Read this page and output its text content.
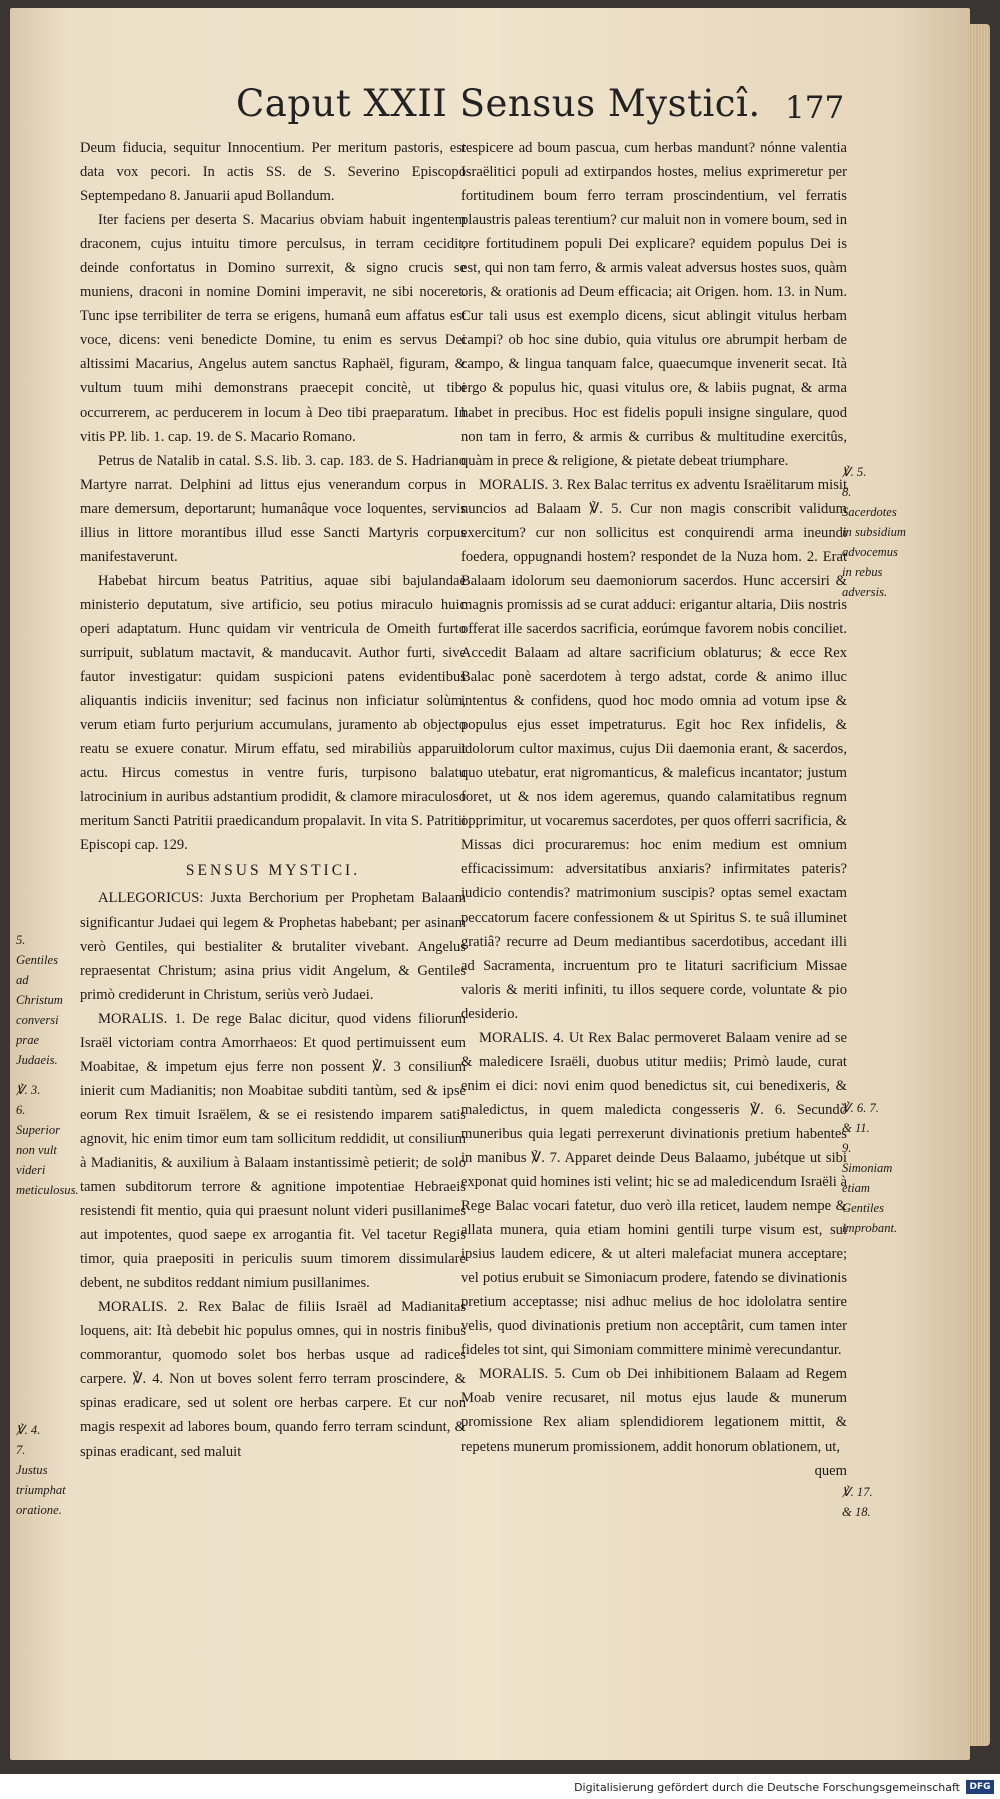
Caput XXII Sensus Mysticî. 177

Deum fiducia, sequitur Innocentium. Per meritum pastoris, est data vox pecori. In actis SS. de S. Severino Episcopo Septempedano 8. Januarii apud Bollandum.

Iter faciens per deserta S. Macarius obviam habuit ingentem draconem, cujus intuitu timore perculsus, in terram cecidit, deinde confortatus in Domino surrexit, & signo crucis se muniens, draconi in nomine Domini imperavit, ne sibi noceret. Tunc ipse terribiliter de terra se erigens, humanâ eum affatus est voce, dicens: veni benedicte Domine, tu enim es servus Dei altissimi Macarius, Angelus autem sanctus Raphaël, figuram, & vultum tuum mihi demonstrans praecepit concitè, ut tibi occurrerem, ac perducerem in locum à Deo tibi praeparatum. In vitis PP. lib. 1. cap. 19. de S. Macario Romano.

Petrus de Natalib in catal. S.S. lib. 3. cap. 183. de S. Hadriano Martyre narrat. Delphini ad littus ejus venerandum corpus in mare demersum, deportarunt; humanâque voce loquentes, servis illius in littore morantibus illud esse Sancti Martyris corpus manifestaverunt.

Habebat hircum beatus Patritius, aquae sibi bajulandae ministerio deputatum, sive artificio, seu potius miraculo huic operi adaptatum. Hunc quidam vir ventricula de Omeith furto surripuit, sublatum mactavit, & manducavit. Author furti, sive fautor investigatur: quidam suspicioni patens evidentibus aliquantis indiciis invenitur; sed facinus non inficiatur solùm, verum etiam furto perjurium accumulans, juramento ab objecto reatu se exuere conatur. Mirum effatu, sed mirabiliùs apparuit actu. Hircus comestus in ventre furis, turpisono balatu latrocinium in auribus adstantium prodidit, & clamore miraculoso meritum Sancti Patritii praedicandum propalavit. In vita S. Patritii Episcopi cap. 129.

SENSUS MYSTICI.

ALLEGORICUS: Juxta Berchorium per Prophetam Balaam significantur Judaei qui legem & Prophetas habebant; per asinam verò Gentiles, qui bestialiter & brutaliter vivebant. Angelus repraesentat Christum; asina prius vidit Angelum, & Gentiles primò crediderunt in Christum, seriùs verò Judaei.

MORALIS. 1. De rege Balac dicitur, quod videns filiorum Israël victoriam contra Amorrhaeos: Et quod pertimuissent eum Moabitae, & impetum ejus ferre non possent ℣. 3 consilium inierit cum Madianitis; non Moabitae subditi tantùm, sed & ipse eorum Rex timuit Israëlem, & se ei resistendo imparem satis agnovit, hic enim timor eum tam sollicitum reddidit, ut consilium à Madianitis, & auxilium à Balaam instantissimè petierit; de solo tamen subditorum terrore & agnitione impotentiae Hebraeis resistendi fit mentio, quia qui praesunt nolunt videri pusillanimes aut impotentes, quod saepe ex arrogantia fit. Vel tacetur Regis timor, quia praepositi in periculis suum timorem dissimulare debent, ne subditos reddant nimium pusillanimes.

MORALIS. 2. Rex Balac de filiis Israël ad Madianitas loquens, ait: Ità debebit hic populus omnes, qui in nostris finibus commorantur, quomodo solet bos herbas usque ad radices carpere. ℣. 4. Non ut boves solent ferro terram proscindere, & spinas eradicare, sed ut solent ore herbas carpere. Et cur non magis respexit ad labores boum, quando ferro terram scindunt, & spinas eradicant, sed maluit

respicere ad boum pascua, cum herbas mandunt? nónne valentia Israëlitici populi ad extirpandos hostes, melius exprimeretur per fortitudinem boum ferro terram proscindentium, vel ferratis plaustris paleas terentium? cur maluit non in vomere boum, sed in ore fortitudinem populi Dei explicare? equidem populus Dei is est, qui non tam ferro, & armis valeat adversus hostes suos, quàm oris, & orationis ad Deum efficacia; ait Origen. hom. 13. in Num. Cur tali usus est exemplo dicens, sicut ablingit vitulus herbam campi? ob hoc sine dubio, quia vitulus ore abrumpit herbam de campo, & lingua tanquam falce, quaecumque invenerit secat. Ità ergo & populus hic, quasi vitulus ore, & labiis pugnat, & arma habet in precibus. Hoc est fidelis populi insigne singulare, quod non tam in ferro, & armis & curribus & multitudine exercitûs, quàm in prece & religione, & pietate debeat triumphare.

MORALIS. 3. Rex Balac territus ex adventu Israëlitarum misit nuncios ad Balaam ℣. 5. Cur non magis conscribit validum exercitum? cur non sollicitus est conquirendi arma ineundi foedera, oppugnandi hostem? respondet de la Nuza hom. 2. Erat Balaam idolorum seu daemoniorum sacerdos. Hunc accersiri & magnis promissis ad se curat adduci: erigantur altaria, Diis nostris offerat ille sacerdos sacrificia, eorúmque favorem nobis conciliet. Accedit Balaam ad altare sacrificium oblaturus; & ecce Rex Balac ponè sacerdotem à tergo adstat, corde & animo illuc intentus & confidens, quod hoc modo omnia ad votum ipse & populus ejus esset impetraturus. Egit hoc Rex infidelis, & idolorum cultor maximus, cujus Dii daemonia erant, & sacerdos, quo utebatur, erat nigromanticus, & maleficus incantator; justum foret, ut & nos idem ageremus, quando calamitatibus regnum opprimitur, ut vocaremus sacerdotes, per quos offerri sacrificia, & Missas dici procuraremus: hoc enim medium est omnium efficacissimum: adversitatibus anxiaris? infirmitates pateris? judicio contendis? matrimonium suscipis? optas semel exactam peccatorum facere confessionem & ut Spiritus S. te suâ illuminet gratiâ? recurre ad Deum mediantibus sacerdotibus, accedant illi ad Sacramenta, incruentum pro te litaturi sacrificium Missae valoris & meriti infiniti, tu illos sequere corde, voluntate & pio desiderio.

MORALIS. 4. Ut Rex Balac permoveret Balaam venire ad se & maledicere Israëli, duobus utitur mediis; Primò laude, curat enim ei dici: novi enim quod benedictus sit, cui benedixeris, & maledictus, in quem maledicta congesseris ℣. 6. Secundò muneribus quia legati perrexerunt divinationis pretium habentes in manibus ℣. 7. Apparet deinde Deus Balaamo, jubétque ut sibi exponat quid homines isti velint; hic se ad maledicendum Israëli à Rege Balac vocari fatetur, duo verò illa reticet, laudem nempe & allata munera, quia etiam homini gentili turpe visum est, sui ipsius laudem edicere, & ut alteri malefaciat munera acceptare; vel potius erubuit se Simoniacum prodere, fatendo se divinationis pretium acceptasse; nisi adhuc melius de hoc idololatra sentire velis, quod divinationis pretium non acceptârit, cum tamen inter fideles tot sint, qui Simoniam committere minimè verecundantur.

MORALIS. 5. Cum ob Dei inhibitionem Balaam ad Regem Moab venire recusaret, nil motus ejus laude & munerum promissione Rex aliam splendidiorem legationem mittit, & repetens munerum promissionem, addit honorum oblationem, ut,

quem

5.
Gentiles
ad Christum
conversi
prae
Judaeis.
℣. 3.
6.
Superior
non vult
videri
meticulosus.
℣. 4.
7.
Justus
triumphat
oratione.
℣. 5.
8.
Sacerdotes
in subsidium
advocemus
in rebus
adversis.
℣. 6. 7.
& 11.
9.
Simoniam
etiam
Gentiles
improbant.
℣. 17.
& 18.
Digitalisierung gefördert durch die Deutsche Forschungsgemeinschaft	DFG
